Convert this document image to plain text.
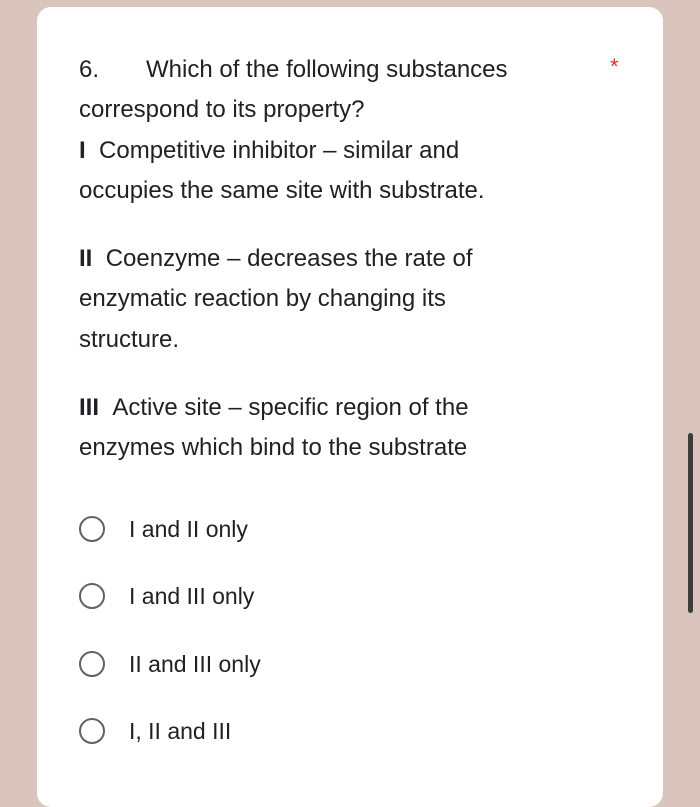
6. Which of the following substances	*
correspond to its property?
I Competitive inhibitor – similar and
occupies the same site with substrate.
II Coenzyme – decreases the rate of
enzymatic reaction by changing its
structure.
III Active site – specific region of the
enzymes which bind to the substrate
I and II only
I and III only
II and III only
I, II and III
